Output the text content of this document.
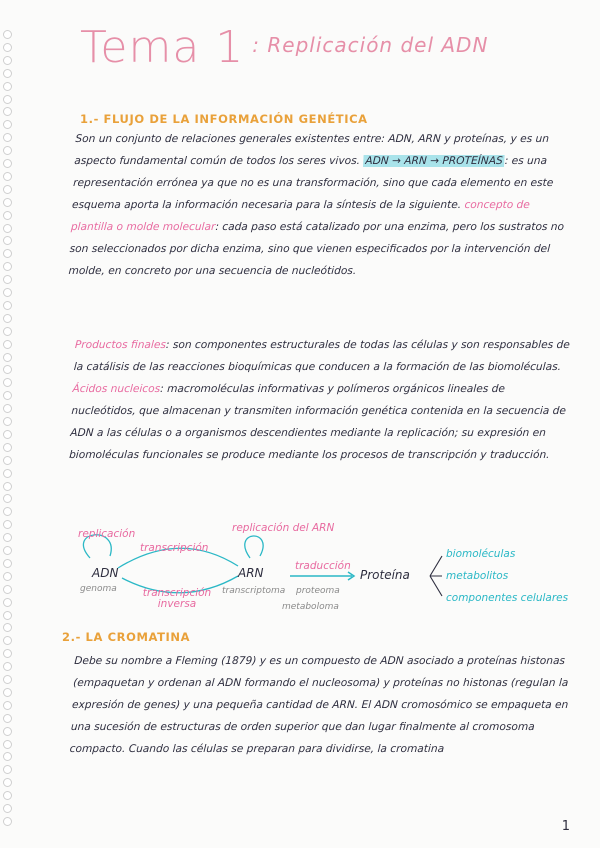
Tema 1 $^{: Replicación del ADN}$
1.- FLUJO DE LA INFORMACIÓN GENÉTICA
Son un conjunto de relaciones generales existentes entre: ADN, ARN y proteínas, y es un aspecto fundamental común de todos los seres vivos. ADN → ARN → PROTEÍNAS: es una representación errónea ya que no es una transformación, sino que cada elemento en este esquema aporta la información necesaria para la síntesis de la siguiente. concepto de plantilla o molde molecular: cada paso está catalizado por una enzima, pero los sustratos no son seleccionados por dicha enzima, sino que vienen especificados por la intervención del molde, en concreto por una secuencia de nucleótidos.
Productos finales: son componentes estructurales de todas las células y son responsables de la catálisis de las reacciones bioquímicas que conducen a la formación de las biomoléculas. Ácidos nucleicos: macromoléculas informativas y polímeros orgánicos lineales de nucleótidos, que almacenan y transmiten información genética contenida en la secuencia de ADN a las células o a organismos descendientes mediante la replicación; su expresión en biomoléculas funcionales se produce mediante los procesos de transcripción y traducción.
replicación	replicación del ARN
transcripción
traducción
ADN	ARN	Proteína
genoma	transcriptoma proteoma
metaboloma
transcripción inversa
biomoléculas
metabolitos
componentes celulares
2.- LA CROMATINA
Debe su nombre a Fleming (1879) y es un compuesto de ADN asociado a proteínas histonas (empaquetan y ordenan al ADN formando el nucleosoma) y proteínas no histonas (regulan la expresión de genes) y una pequeña cantidad de ARN. El ADN cromosómico se empaqueta en una sucesión de estructuras de orden superior que dan lugar finalmente al cromosoma compacto. Cuando las células se preparan para dividirse, la cromatina
1
